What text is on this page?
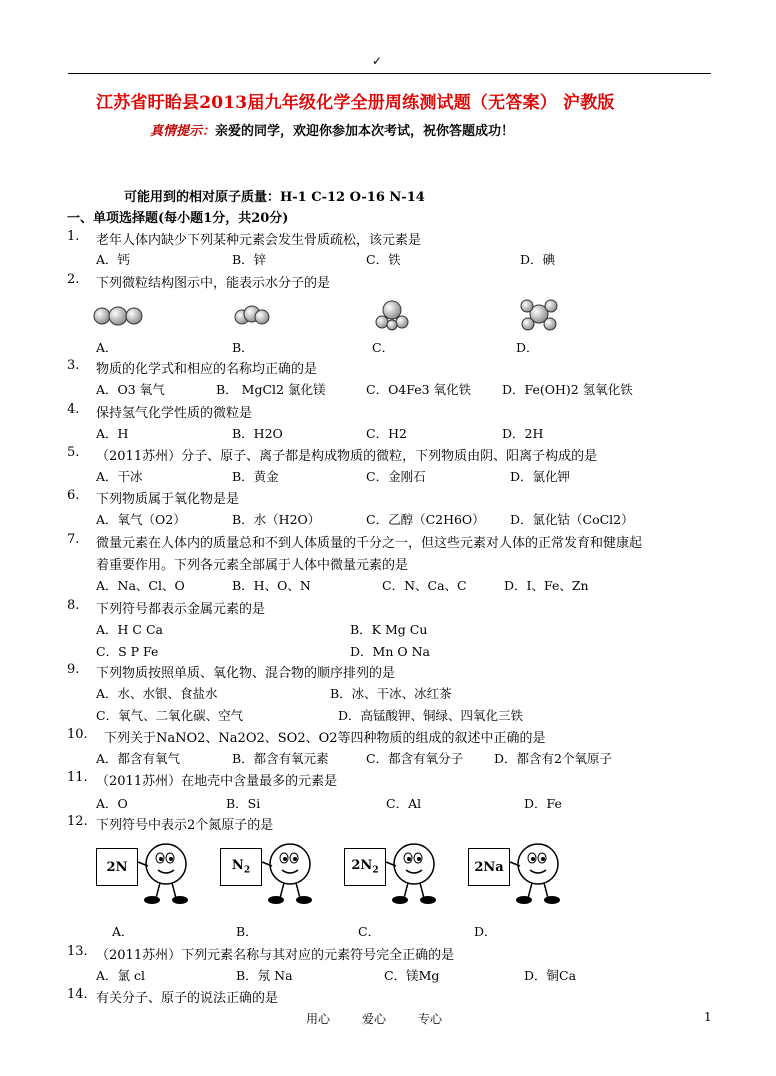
✓
江苏省盱眙县2013届九年级化学全册周练测试题（无答案） 沪教版
真情提示：亲爱的同学，欢迎你参加本次考试，祝你答题成功！
可能用到的相对原子质量：H-1 C-12 O-16 N-14
一、单项选择题(每小题1分，共20分)
1. 老年人体内缺少下列某种元素会发生骨质疏松，该元素是
A．钙	B．锌	C．铁	D．碘
2. 下列微粒结构图示中，能表示水分子的是
A．	B．	C．	D．
3. 物质的化学式和相应的名称均正确的是
A．O3 氧气	B． MgCl2 氯化镁	C．O4Fe3 氧化铁 D．Fe(OH)2 氢氧化铁
4. 保持氢气化学性质的微粒是
A．H	B．H2O	C．H2	D．2H
5. （2011苏州）分子、原子、离子都是构成物质的微粒，下列物质由阴、阳离子构成的是
A．干冰	B．黄金	C．金刚石	D．氯化钾
6. 下列物质属于氧化物是是
A．氧气（O2）	B．水（H2O）	C．乙醇（C2H6O） D．氯化钴（CoCl2）
7. 微量元素在人体内的质量总和不到人体质量的千分之一，但这些元素对人体的正常发育和健康起
着重要作用。下列各元素全部属于人体中微量元素的是
A．Na、Cl、O	B．H、O、N	C．N、Ca、C	D．I、Fe、Zn
8. 下列符号都表示金属元素的是
A．H C Ca	B．K Mg Cu
C．S P Fe	D．Mn O Na
9. 下列物质按照单质、氧化物、混合物的顺序排列的是
A．水、水银、食盐水	B．冰、干冰、冰红茶
C．氧气、二氧化碳、空气	D．高锰酸钾、铜绿、四氧化三铁
10. 下列关于NaNO2、Na2O2、SO2、O2等四种物质的组成的叙述中正确的是
A．都含有氧气	B．都含有氧元素	C．都含有氧分子 D．都含有2个氧原子
11. （2011苏州）在地壳中含量最多的元素是
A．O	B．Si	C．Al	D．Fe
12. 下列符号中表示2个氮原子的是
2N	$N_2$	$2N_2$	2Na
A．	B．	C．	D．
13. （2011苏州）下列元素名称与其对应的元素符号完全正确的是
A．氯 cl	B．氖 Na	C．镁Mg	D．铜Ca
14. 有关分子、原子的说法正确的是
用心	爱心	专心	1
